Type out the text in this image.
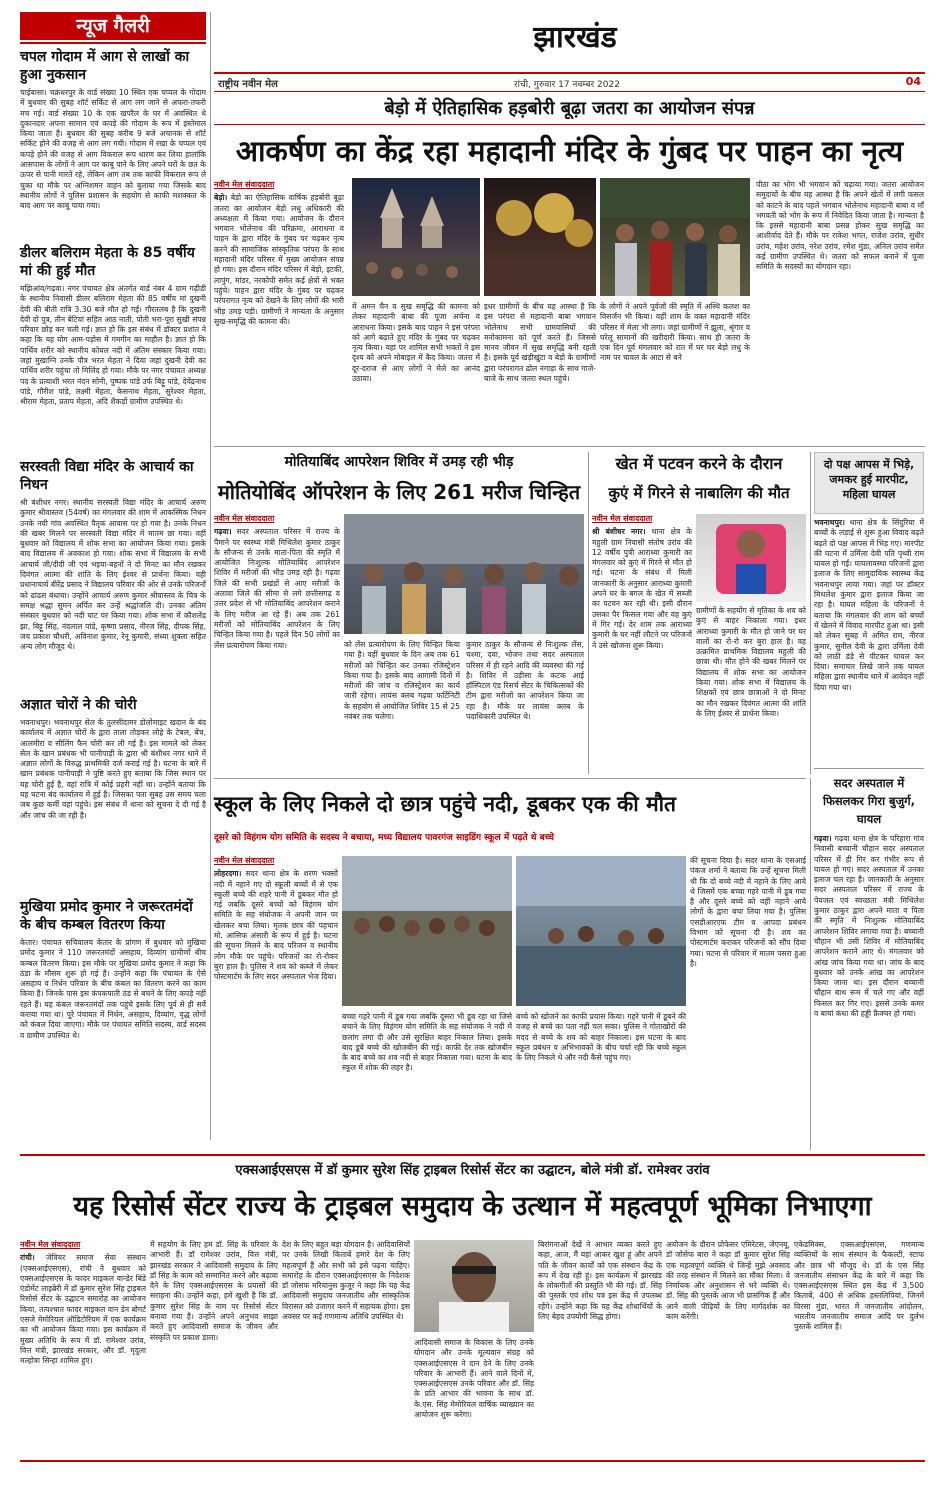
न्यूज गैलरी
चपल गोदाम में आग से लाखों का हुआ नुकसान
चाईबासा। चक्रधरपुर के वार्ड संख्या 10 स्थित एक चप्पल के गोदाम में बुधवार की सुबह शॉर्ट सर्किट से आग लग जाने से अफरा-तफरी मच गई। वार्ड संख्या 10 के एक खपरैल के घर में अवस्थित थे दुकानदार अपना सामान एवं कपड़े की गोदाम के रूप में इस्तेमाल किया जाता है। बुधवार की सुबह करीब 9 बजे अचानक से शॉर्ट सर्किट होने की वजह से आग लग गयी। गोदाम में रखा के चप्पल एवं कपड़े होने की वजह से आग विकराल रूप धारण कर लिया हालांकि आसपास के लोगों ने आग पर काबू पाने के लिए अपने घरों के छत के ऊपर से पानी मारते रहे, लेकिन आग तब तक काफी विकराल रूप ले चुका था मौके पर अग्निशमन वाहन को बुलाया गया जिसके बाद स्थानीय लोगों ने पुलिस प्रशासन के सहयोग से काफी मशक्कत के बाद आग पर काबू पाया गया।
डीलर बलिराम मेहता के 85 वर्षीय मां की हुई मौत
मझिआंव/गढ़वा। नगर पंचायत क्षेत्र अंतर्गत वार्ड नंबर 4 ग्राम गढ़ीडी के स्थानीय निवासी डीलर बलिराम मेहता की 85 वर्षीय मां दुखनी देवी की बीती रात्रि 3.30 बजे मौत हो गई। गौरतलब है कि दुखनी देवी दो पुत्र, तीन बेटियां सहित आठ नाती, पोती भरा-पूरा सुखी संपन्न परिवार छोड़ कर चली गई। ज्ञात हो कि इस संबंध में डॉक्टर प्रशांत ने कहा कि यह योग आम-पड़ोस में गमगीन का माहौल है। ज्ञात हो कि पार्थिव शरीर को स्थानीय कोयल नदी में अंतिम संस्कार किया गया। जहां मुखाग्नि उनके पौत्र भरत मेहता ने दिया जहां दुखनी देवी का पार्थिव शरीर पहुंचा तो मिलिंद हो गया। मौके पर नगर पंचायत अध्यक्ष पद के प्रत्याशी भरत नंदन सोनी, पुष्पक पांडे उर्फ बिट्टू पांडे, देवेंद्रनाथ पांडे, गौरीश पांडे, लक्ष्मी मेहता, केसनाथ मेहता, सुरेश्वर मेहता, श्रीराम मेहता, प्रताप मेहता, अदि शैकड़ों ग्रामीण उपस्थित थे।
सरस्वती विद्या मंदिर के आचार्य का निधन
श्री बंशीधर नगर। स्थानीय सरस्वती विद्या मंदिर के आचार्य अरुण कुमार श्रीवास्तव (54वर्ष) का मंगलवार की शाम में आकस्मिक निधन उनके नयी गांव अवस्थित पैतृक आवास पर हो गया है। उनके निधन की खबर मिलने पर सरस्वती विद्या मंदिर में मातम छा गया। वहीं बुधवार को विद्यालय में शोक सभा का आयोजन किया गया। इसके बाद विद्यालय में अवकाश हो गया। शोक सभा में विद्यालय के सभी आचार्य जी/दीदी जी एवं भइया-बहनों ने दो मिनट का मौन रखकर दिवंगत आत्मा की शांति के लिए ईश्वर से प्रार्थना किया। वही प्रधानाचार्य बीरेंद्र प्रसाद ने विद्यालय परिवार की ओर से उनके परिजनों को ढांढस बंधाया। उन्होंने आचार्य अरुण कुमार श्रीवास्तव के चित्र के समक्ष श्रद्धा सुमन अर्पित कर उन्हें श्रद्धांजलि दी। उनका अंतिम संस्कार बुधवार को नदी घाट पर किया गया। शोक सभा में कौशलेंद्र झा, बिट्टू सिंह, नंदलाल पांडे, कृष्णा प्रसाद, नीरज सिंह, दीपक सिंह, जय प्रकाश चौधरी, अविनाश कुमार, रेनू कुमारी, संध्या शुक्ला सहित अन्य लोग मौजूद थे।
अज्ञात चोरों ने की चोरी
भवनाथपुर। भवनाथपुर सेल के तुलसीदामर डोलोमाइट खदान के बंद कार्यालय में अज्ञात चोरों के द्वारा ताला तोड़कर लोहे के टेबल, बेंच, आलमीरा व सीलिंग फैन चोरी कर ली गई है। इस मामले को लेकर सेल के खान प्रबंधक भी पानीपाड़ी के द्वारा श्री बंशीधर नगर थाने में अज्ञात लोगों के विरुद्ध प्राथमिकी दर्ज कराई गई है। घटना के बारे में खान प्रबंधक पानीपाड़ी ने पुष्टि करते हुए बताया कि जिस स्थान पर यह चोरी हुई है, वहां रात्रि में कोई प्रहरी नहीं था। उन्होंने बताया कि यह घटना बंद कार्यालय में हुई है। जिसका पता सुबह उस समय चला जब कुछ कर्मी वहां पहुंचे। इस संबंध में थाना को सूचना दे दी गई है और जांच की जा रही है।
मुखिया प्रमोद कुमार ने जरूरतमंदों के बीच कम्बल वितरण किया
केतार। पंचायत सचिवालय केतार के प्रांगण में बुधवार को मुखिया प्रमोद कुमार ने 110 जरूरतमंदों असहाय, दिव्यांग ग्रामीणों बीच कम्बल वितरण किया। इस मौके पर मुखिया प्रमोद कुमार ने कहा कि ठंडा के मौसम शुरू हो गई है। उन्होंने कहा कि पंचायत के ऐसे असहाय व निर्धन परिवार के बीच कंबल का वितरण करने का काम किया है। जिनके पास इस कंपकपाती ठंड से बचने के लिए कपड़े नहीं रहते हैं। यह कंबल जरूरतमंदों तक पहुंचे इसके लिए पूर्व से ही सर्वे कराया गया था। पूरे पंचायत में निर्धन, असहाय, दिव्यांग, वृद्ध लोगों को कंबल दिया जाएगा। मौके पर पंचायत समिति सदस्य, वार्ड सदस्य व ग्रामीण उपस्थित थे।
झारखंड
राष्ट्रीय नवीन मेल	रांची, गुरुवार 17 नवम्बर 2022	04
बेड़ो में ऐतिहासिक हड़बोरी बूढ़ा जतरा का आयोजन संपन्न
आकर्षण का केंद्र रहा महादानी मंदिर के गुंबद पर पाहन का नृत्य
नवीन मेल संवाददाता
बेड़ो। बेड़ो का ऐतिहासिक वार्षिक हड़बोरी बूढ़ा जतरा का आयोजन बेड़ो लधु अधिकारी की अध्यक्षता में किया गया। आयोजन के दौरान भगवान भोलेनाथ की परिक्रमा, आराधना व पाहन के द्वारा मंदिर के गुंबद पर चढ़कर नृत्य करने की सामाजिक सांस्कृतिक परंपरा के साथ महादानी मंदिर परिसर में मुख्य आयोजन संपन्न हो गया। इस दौरान मंदिर परिसर में बेड़ो, इटकी, लापुंग, मांडर, नरकोपी समेत कई क्षेत्रों से भक्त पहुंचे। पाहन द्वारा मंदिर के गुंबद पर चढ़कर परंपरागत नृत्य को देखने के लिए लोगों की भारी भीड़ उमड़ पड़ी। ग्रामीणों ने मान्यता के अनुसार सुख-समृद्धि की कामना की।
में अमन चैन व सुख समृद्धि की कामना को लेकर महादानी बाबा की पूजा अर्चना व आराधना किया। इसके बाद पाहन ने इस परंपरा को आगे बढ़ाते हुए मंदिर के गुंबद पर चढ़कर नृत्य किया। यहां पर शामिल सभी भक्तों ने इस दृश्य को अपने मोबाइल में कैद किया। जतरा में दूर-दराज से आए लोगों ने मेले का आनंद उठाया।
इधर ग्रामीणों के बीच यह आस्था है कि इस परंपरा से महादानी बाबा भगवान भोलेनाथ सभी ग्रामवासियों की मनोकामना को पूर्ण करते हैं। जिससे मानव जीवन में सुख समृद्धि बनी रहती है। इसके पूर्व खड़ीखुंटा व बेड़ो के ग्रामीणों द्वारा परंपरागत ढोल नगाड़ा के साथ गाजे-बाजे के साथ जतरा स्थल पहुंचे।
के लोगों ने अपने पूर्वजों की स्मृति में अस्थि कलश का विसर्जन भी किया। वहीं शाम के वक्त महादानी मंदिर परिसर में मेला भी लगा। जहां ग्रामीणों ने झूला, श्रृंगार व घरेलू सामानों की खरीदारी किया। साथ ही जतरा के एक दिन पूर्व मंगलवार को रात में घर घर बेड़ो लधु के नाम पर चावल के आटा से बने
पीठा का भोग भी भगवान को चढ़ाया गया। जतरा आयोजन समुदायों के बीच यह आस्था है कि अपने खेतों में लगी फसल को काटने के बाद पहले भगवान भोलेनाथ महादानी बाबा व माँ भगवती को भोग के रूप में निवेदित किया जाता है। मान्यता है कि इससे महादानी बाबा प्रसन्न होकर सुख समृद्धि का आशीर्वाद देते हैं। मौके पर राकेश भगत, राजेश उरांव, सुधीर उरांव, महेश उरांव, नरेश उरांव, रमेश मुंडा, अनिल उरांव समेत कई ग्रामीण उपस्थित थे। जतरा को सफल बनाने में पूजा समिति के सदस्यों का योगदान रहा।
मोतियाबिंद आपरेशन शिविर में उमड़ रही भीड़
मोतियोबिंद ऑपरेशन के लिए 261 मरीज चिन्हित
नवीन मेल संवाददाता
गढ़वा। सदर अस्पताल परिसर में राज्य के पैमाने पर स्वस्थ्य मंत्री मिथिलेश कुमार ठाकुर के सौजन्य से उनके माता-पिता की स्मृति में आयोजित निःशुल्क मोतियाबिंद आपरेशन शिविर में मरीजों की भीड़ उमड़ रही है। गढ़वा जिले की सभी प्रखंडों से आए मरीजों के अलावा जिले की सीमा से लगे छत्तीसगढ़ व उत्तर प्रदेश से भी मोतियाबिंद आपरेशन कराने के लिए मरीज आ रहे हैं। अब तक 261 मरीजों को मोतियाबिंद आपरेशन के लिए चिन्हित किया गया है। पहले दिन 50 लोगों का लेंस प्रत्यारोपण किया गया।	को लेंस प्रत्यारोपण के लिए चिन्हित किया गया है। वहीं बुधवार के दिन अब तक 61 मरीजों को चिन्हित कर उनका रजिस्ट्रेशन किया गया है। इसके बाद आगामी दिनों में मरीजों की जांच व रजिस्ट्रेशन का कार्य जारी रहेगा। लायंस क्लब गढ़वा फर्टिनिटी के सहयोग से आयोजित शिविर 15 से 25 नवंबर तक चलेगा।
कुमार ठाकुर के सौजन्य से निःशुल्क लेंस, चश्मा, दवा, भोजन तथा सदर अस्पताल परिसर में ही रहने आदि की व्यवस्था की गई है। शिविर में उड़ीसा के कटक आई हॉस्पिटल एंड रिसर्च सेंटर के चिकित्सकों की टीम द्वारा मरीजों का आपरेशन किया जा रहा है। मौके पर लायंस क्लब के पदाधिकारी उपस्थित थे।
खेत में पटवन करने के दौरान
कुएं में गिरने से नाबालिग की मौत
नवीन मेल संवाददाता
श्री बंशीधर नगर। थाना क्षेत्र के महुली ग्राम निवासी संतोष उरांव की 12 वर्षीय पुत्री आराध्या कुमारी का मंगलवार को कुएं में गिरने से मौत हो गई। घटना के संबंध में मिली जानकारी के अनुसार आराध्या कुमारी अपने घर के बगल के खेत में सब्जी का पटवन कर रही थी। इसी दौरान उसका पैर फिसल गया और वह कुएं में गिर गई। देर शाम तक आराध्या कुमारी के घर नहीं लौटने पर परिजनों ने उसे खोजना शुरू किया।
ग्रामीणों के सहयोग से मृतिका के शव को कुएं से बाहर निकाला गया। इधर आराध्या कुमारी के मौत हो जाने पर घर वालों का रो-रो कर बुरा हाल है। वह उत्क्रमित प्राथमिक विद्यालय महुली की छात्रा थी। मौत होने की खबर मिलने पर विद्यालय में शोक सभा का आयोजन किया गया। शोक सभा में विद्यालय के शिक्षकों एवं छात्र छात्राओं ने दो मिनट का मौन रखकर दिवंगत आत्मा की शांति के लिए ईश्वर से प्रार्थना किया।
दो पक्ष आपस में भिड़े, जमकर हुई मारपीट, महिला घायल
भवनाथपुर। थाना क्षेत्र के सिंदुरिया में बच्चों के लड़ाई से शुरू हुआ विवाद बढ़ते बढ़ते दो पक्ष आपस में भिड़ गए। मारपीट की घटना में उर्मिला देवी पति पृथ्वी राम घायल हो गईं। घायलावस्था परिजनों द्वारा इलाज के लिए सामुदायिक स्वास्थ्य केंद्र भवनाथपुर लाया गया। जहां पर डॉक्टर मिथलेश कुमार द्वारा इलाज किया जा रहा है। घायल महिला के परिजनों ने बताया कि मंगलवार की शाम को बच्चों में खेलने में विवाद मारपीट हुआ था। इसी को लेकर सुबह में अमित राम, नीरज कुमार, सुनील देवी के द्वारा उर्मिला देवी को लाठी डंडे से पीटकर घायल कर दिया। समाचार लिखे जाने तक घायल महिला द्वारा स्थानीय थाने में आवेदन नहीं दिया गया था।
स्कूल के लिए निकले दो छात्र पहुंचे नदी, डूबकर एक की मौत
दूसरे को विहंगम योग समिति के सदस्य ने बचाया, मध्य विद्यालय पावरगंज साइडिंग स्कूल में पढ़ते थे बच्चे
नवीन मेल संवाददाता
लोहरदगा। सदर थाना क्षेत्र के शरण भक्सो नदी में नहाने गए दो स्कूली बच्चों में से एक स्कूली बच्चे की शहरे पानी में डूबकर मौत हो गई जबकि दूसरे बच्चों को विहंगम योग समिति के सह संयोजक ने अपनी जान पर खेलकर बचा लिया। मृतक छात्र की पहचान मो. आसिफ अंसारी के रूप में हुई है। घटना की सूचना मिलने के बाद परिजन व स्थानीय लोग मौके पर पहुंचे। परिजनों का रो-रोकर बुरा हाल है। पुलिस ने शव को कब्जे में लेकर पोस्टमार्टम के लिए सदर अस्पताल भेज दिया।
बच्चा गहरे पानी में डूब गया जबकि दूसरा भी डूब रहा था जिसे बचाने के लिए विहंगम योग समिति के सह संयोजक ने नदी में छलांग लगा दी और उसे सुरक्षित बाहर निकाल लिया। इसके बाद डूबे बच्चे की खोजबीन की गई। काफी देर तक खोजबीन के बाद बच्चे का शव नदी से बाहर निकाला गया। घटना के बाद स्कूल में शोक की लहर है।
बच्चे को खोजने का काफी प्रयास किया। गहरे पानी में डूबने की वजह से बच्चे का पता नहीं चल सका। पुलिस ने गोताखोरों की मदद से बच्चे के शव को बाहर निकाला। इस घटना के बाद स्कूल प्रबंधन व अभिभावकों के बीच चर्चा रही कि बच्चे स्कूल के लिए निकले थे और नदी कैसे पहुंच गए।
की सूचना दिया है। सदर थाना के एसआई पंकज शर्मा ने बताया कि उन्हें सूचना मिली थी कि दो बच्चे नदी में नहाने के लिए आये थे जिसमें एक बच्चा गहरे पानी में डूब गया है और दूसरे बच्चे को वहीं नहाने आये लोगों के द्वारा बचा लिया गया है। पुलिस एसडीआरएफ टीम व आपदा प्रबंधन विभाग को सूचना दी है। शव का पोस्टमार्टम कराकर परिजनों को सौंप दिया गया। घटना से परिवार में मातम पसरा हुआ है।
सदर अस्पताल में फिसलकर गिरा बुजुर्ग, घायल
गढ़वा। गढ़वा थाना क्षेत्र के परिहारा गांव निवासी बच्चानी चौहान सदर अस्पताल परिसर में ही गिर कर गंभीर रूप से घायल हो गए। सदर अस्पताल में उनका इलाज चल रहा है। जानकारी के अनुसार सदर अस्पताल परिसर में राज्य के पेयजल एवं स्वच्छता मंत्री मिथिलेश कुमार ठाकुर द्वारा अपने माता व पिता की स्मृति में निःशुल्क मोतियाबिंद आपरेशन शिविर लगाया गया है। बच्चानी चौहान भी उसी शिविर में मोतियाबिंद आपरेशन कराने आए थे। मंगलवार को आंख जांच किया गया था। जांच के बाद बुधवार को उनके आंख का आपरेशन किया जाना था। इस दौरान बच्चानी चौहान बाथ रूम में चले गए और वहीं फिसल कर गिर गए। इससे उनके कमर व बायां कंधा की हड्डी फ्रैक्चर हो गया।
एक्सआईएसएस में डॉ कुमार सुरेश सिंह ट्राइबल रिसोर्स सेंटर का उद्घाटन, बोले मंत्री डॉ. रामेश्वर उरांव
यह रिसोर्स सेंटर राज्य के ट्राइबल समुदाय के उत्थान में महत्वपूर्ण भूमिका निभाएगा
नवीन मेल संवाददाता
रांची। जेवियर समाज सेवा संस्थान (एक्सआईएसएस), रांची ने बुधवार को एक्सआईएसएस के फादर माइकल वान्डेर बिंडे एंडोमेंट लाइब्रेरी में डॉ कुमार सुरेश सिंह ट्राइबल रिसोर्स सेंटर के उद्घाटन समारोह का आयोजन किया, तत्पश्चात फादर माइकल वान डेन बोगर्ट एसजे मेमोरियल ऑडिटोरियम में एक कार्यक्रम का भी आयोजन किया गया। इस कार्यक्रम में मुख्य अतिथि के रूप में डॉ. रामेश्वर उरांव, वित्त मंत्री, झारखंड सरकार, और डॉ. मृदुला मल्होत्रा सिन्हा शामिल हुए।
में सहयोग के लिए हम डॉ. सिंह के परिवार के आभारी हैं। डॉ रामेश्वर उरांव, वित्त मंत्री, झारखंड सरकार ने आदिवासी समुदाय के लिए डॉ सिंह के काम को सम्मानित करने और बढ़ावा देने के लिए एक्सआईएसएस के प्रयासों की सराहना की। उन्होंने कहा, हमें खुशी है कि डॉ. कुमार सुरेश सिंह के नाम पर रिसोर्स सेंटर बनाया गया है। उन्होंने अपने अनुभव साझा करते हुए आदिवासी समाज के जीवन और संस्कृति पर प्रकाश डाला।
देश के लिए बहुत बड़ा योगदान है। आदिवासियों पर उनके लिखी किताबें हमारे देश के लिए महत्वपूर्ण हैं और सभी को इसे पढ़ना चाहिए। समारोह के दौरान एक्सआईएसएस के निदेशक डॉ जोसफ मरियानुस कुजूर ने कहा कि यह केंद्र आदिवासी समुदाय जनजातीय और सांस्कृतिक विरासत को उजागर करने में सहायक होगा। इस अवसर पर कई गणमान्य अतिथि उपस्थित थे।
आदिवासी समाज के विकास के लिए उनके योगदान और उनके मूल्यवान संग्रह को एक्सआईएसएस ने दान देने के लिए उनके परिवार के आभारी हैं। आने वाले दिनों में, एक्सआईएसएस उनके परिवार और डॉ. सिंह के प्रति आभार की भावना के साथ डॉ. के.एस. सिंह मेमोरियल वार्षिक व्याख्यान का आयोजन शुरू करेगा।
बिरांगनाओं देखें ने आभार व्यक्त करते हुए कहा, आज, मैं यहां आकर खुश हूं और अपने पति के जीवन कार्यों को एक संस्थान केंद्र के रूप में देख रही हूं। इस कार्यक्रम में झारखंड के लोकगीतों की प्रस्तुति भी की गई। डॉ. सिंह की पुस्तकें एवं शोध पत्र इस केंद्र में उपलब्ध रहेंगे। उन्होंने कहा कि यह केंद्र शोधार्थियों के लिए बेहद उपयोगी सिद्ध होगा।
अयोजन के दौरान प्रोफेसर एमिरेटस, जेएनयू, डॉ जोसेफ बारा ने कहा डॉ कुमार सुरेश सिंह एक महत्वपूर्ण व्यक्ति थे जिन्हें मुझे अवसाद की तरह संस्थान में मिलने का मौका मिला। वे निर्णायक और अनुशासन से भरे व्यक्ति थे। डॉ. सिंह की पुस्तकें आज भी प्रासंगिक हैं और आने वाली पीढ़ियों के लिए मार्गदर्शक का काम करेंगी।
एकेडमिक्स, एक्सआईएसएस, गणमान्य व्यक्तियों के साथ संस्थान के फैकल्टी, स्टाफ और छात्र भी मौजूद थे। डॉ के एस सिंह जनजातीय संसाधन केंद्र के बारे में कहा कि एक्सआईएसएस स्थित इस केंद्र में 3,500 किताबें, 400 से अधिक हस्तलिपियां, जिनमें विरसा मुंडा, भारत में जनजातीय आंदोलन, भारतीय जनजातीय समाज आदि पर दुर्लभ पुस्तकें शामिल हैं।
